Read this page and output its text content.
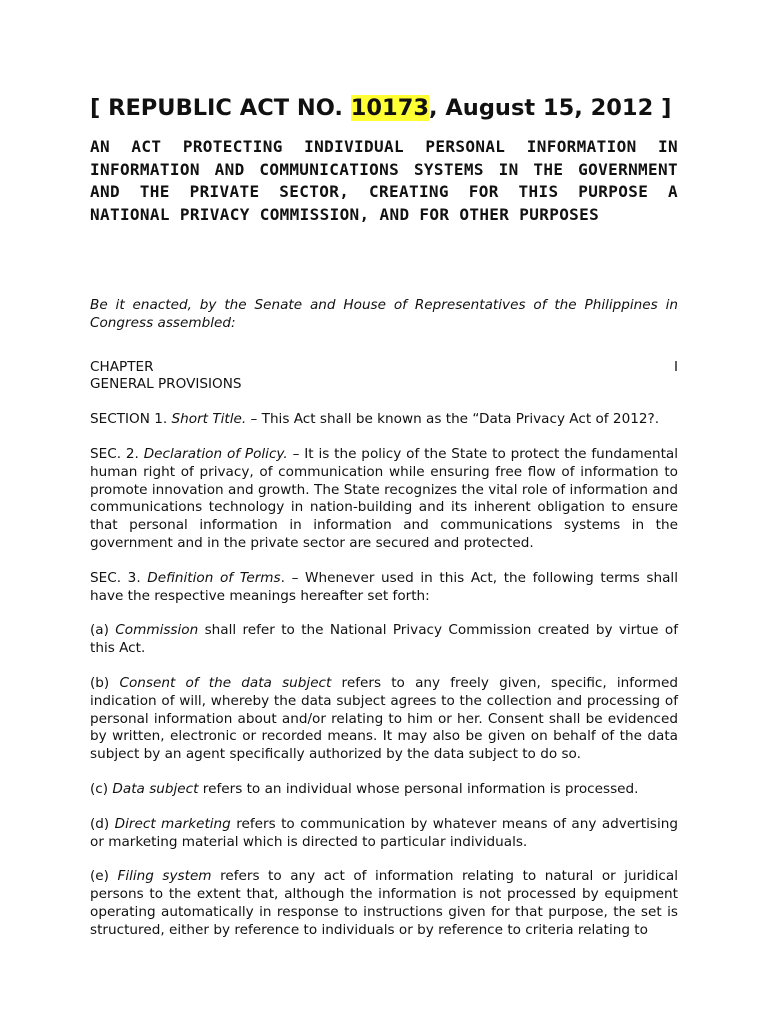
[ REPUBLIC ACT NO. 10173, August 15, 2012 ]
AN ACT PROTECTING INDIVIDUAL PERSONAL INFORMATION IN INFORMATION AND COMMUNICATIONS SYSTEMS IN THE GOVERNMENT AND THE PRIVATE SECTOR, CREATING FOR THIS PURPOSE A NATIONAL PRIVACY COMMISSION, AND FOR OTHER PURPOSES

Be it enacted, by the Senate and House of Representatives of the Philippines in Congress assembled:

CHAPTER	I
GENERAL PROVISIONS

SECTION 1. Short Title. – This Act shall be known as the “Data Privacy Act of 2012?.

SEC. 2. Declaration of Policy. – It is the policy of the State to protect the fundamental human right of privacy, of communication while ensuring free flow of information to promote innovation and growth. The State recognizes the vital role of information and communications technology in nation-building and its inherent obligation to ensure that personal information in information and communications systems in the government and in the private sector are secured and protected.

SEC. 3. Definition of Terms. – Whenever used in this Act, the following terms shall have the respective meanings hereafter set forth:

(a) Commission shall refer to the National Privacy Commission created by virtue of this Act.

(b) Consent of the data subject refers to any freely given, specific, informed indication of will, whereby the data subject agrees to the collection and processing of personal information about and/or relating to him or her. Consent shall be evidenced by written, electronic or recorded means. It may also be given on behalf of the data subject by an agent specifically authorized by the data subject to do so.

(c) Data subject refers to an individual whose personal information is processed.

(d) Direct marketing refers to communication by whatever means of any advertising or marketing material which is directed to particular individuals.

(e) Filing system refers to any act of information relating to natural or juridical persons to the extent that, although the information is not processed by equipment operating automatically in response to instructions given for that purpose, the set is structured, either by reference to individuals or by reference to criteria relating to
